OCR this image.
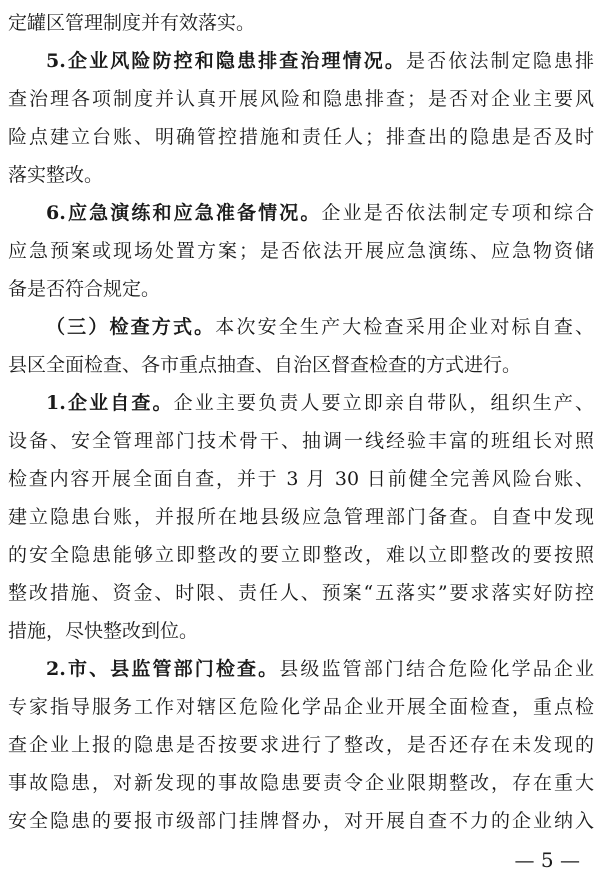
定罐区管理制度并有效落实。
5.企业风险防控和隐患排查治理情况。是否依法制定隐患排
查治理各项制度并认真开展风险和隐患排查；是否对企业主要风
险点建立台账、明确管控措施和责任人；排查出的隐患是否及时
落实整改。
6.应急演练和应急准备情况。企业是否依法制定专项和综合
应急预案或现场处置方案；是否依法开展应急演练、应急物资储
备是否符合规定。
（三）检查方式。本次安全生产大检查采用企业对标自查、
县区全面检查、各市重点抽查、自治区督查检查的方式进行。
1.企业自查。企业主要负责人要立即亲自带队，组织生产、
设备、安全管理部门技术骨干、抽调一线经验丰富的班组长对照
检查内容开展全面自查，并于 3 月 30 日前健全完善风险台账、
建立隐患台账，并报所在地县级应急管理部门备查。自查中发现
的安全隐患能够立即整改的要立即整改，难以立即整改的要按照
整改措施、资金、时限、责任人、预案“五落实”要求落实好防控
措施，尽快整改到位。
2.市、县监管部门检查。县级监管部门结合危险化学品企业
专家指导服务工作对辖区危险化学品企业开展全面检查，重点检
查企业上报的隐患是否按要求进行了整改，是否还存在未发现的
事故隐患，对新发现的事故隐患要责令企业限期整改，存在重大
安全隐患的要报市级部门挂牌督办，对开展自查不力的企业纳入
— 5 —
